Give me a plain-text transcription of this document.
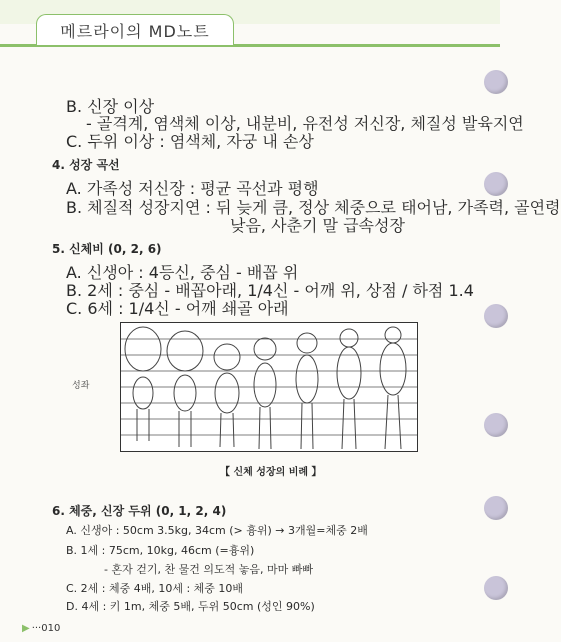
메르라이의 MD노트
B. 신장 이상
- 골격계, 염색체 이상, 내분비, 유전성 저신장, 체질성 발육지연
C. 두위 이상 : 염색체, 자궁 내 손상
4. 성장 곡선
A. 가족성 저신장 : 평균 곡선과 평행
B. 체질적 성장지연 : 뒤 늦게 큼, 정상 체중으로 태어남, 가족력, 골연령
낮음, 사춘기 말 급속성장
5. 신체비 (0, 2, 6)
A. 신생아 : 4등신, 중심 - 배꼽 위
B. 2세 : 중심 - 배꼽아래, 1/4신 - 어깨 위, 상점 / 하점 1.4
C. 6세 : 1/4신 - 어깨 쇄골 아래
성좌
【 신체 성장의 비례 】
6. 체중, 신장 두위 (0, 1, 2, 4)
A. 신생아 : 50cm 3.5kg, 34cm (> 흉위) → 3개월=체중 2배
B. 1세 : 75cm, 10kg, 46cm (=흉위)
- 혼자 걷기, 찬 물건 의도적 놓음, 마마 빠빠
C. 2세 : 체중 4배, 10세 : 체중 10배
D. 4세 : 키 1m, 체중 5배, 두위 50cm (성인 90%)
▶ ···010
